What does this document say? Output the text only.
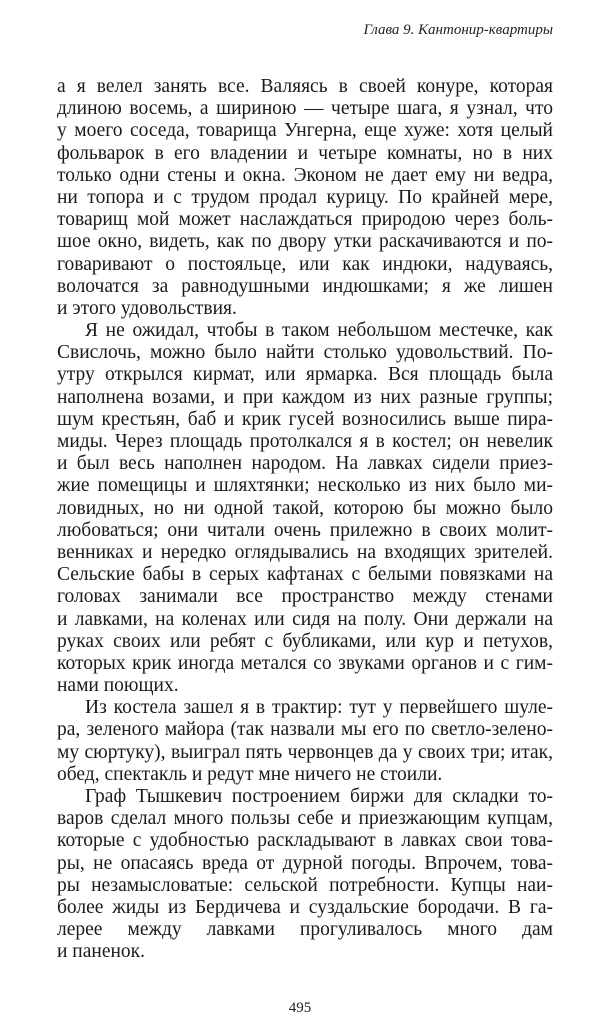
Глава 9. Кантонир-квартиры
а я велел занять все. Валяясь в своей конуре, которая
длиною восемь, а шириною — четыре шага, я узнал, что
у моего соседа, товарища Унгерна, еще хуже: хотя целый
фольварок в его владении и четыре комнаты, но в них
только одни стены и окна. Эконом не дает ему ни ведра,
ни топора и с трудом продал курицу. По крайней мере,
товарищ мой может наслаждаться природою через боль-
шое окно, видеть, как по двору утки раскачиваются и по-
говаривают о постояльце, или как индюки, надуваясь,
волочатся за равнодушными индюшками; я же лишен
и этого удовольствия.
Я не ожидал, чтобы в таком небольшом местечке, как
Свислочь, можно было найти столько удовольствий. По-
утру открылся кирмат, или ярмарка. Вся площадь была
наполнена возами, и при каждом из них разные группы;
шум крестьян, баб и крик гусей возносились выше пира-
миды. Через площадь протолкался я в костел; он невелик
и был весь наполнен народом. На лавках сидели приез-
жие помещицы и шляхтянки; несколько из них было ми-
ловидных, но ни одной такой, которою бы можно было
любоваться; они читали очень прилежно в своих молит-
венниках и нередко оглядывались на входящих зрителей.
Сельские бабы в серых кафтанах с белыми повязками на
головах занимали все пространство между стенами
и лавками, на коленах или сидя на полу. Они держали на
руках своих или ребят с бубликами, или кур и петухов,
которых крик иногда метался со звуками органов и с гим-
нами поющих.
Из костела зашел я в трактир: тут у первейшего шуле-
ра, зеленого майора (так назвали мы его по светло-зелено-
му сюртуку), выиграл пять червонцев да у своих три; итак,
обед, спектакль и редут мне ничего не стоили.
Граф Тышкевич построением биржи для складки то-
варов сделал много пользы себе и приезжающим купцам,
которые с удобностью раскладывают в лавках свои това-
ры, не опасаясь вреда от дурной погоды. Впрочем, това-
ры незамысловатые: сельской потребности. Купцы наи-
более жиды из Бердичева и суздальские бородачи. В га-
лерее между лавками прогуливалось много дам
и паненок.
495
